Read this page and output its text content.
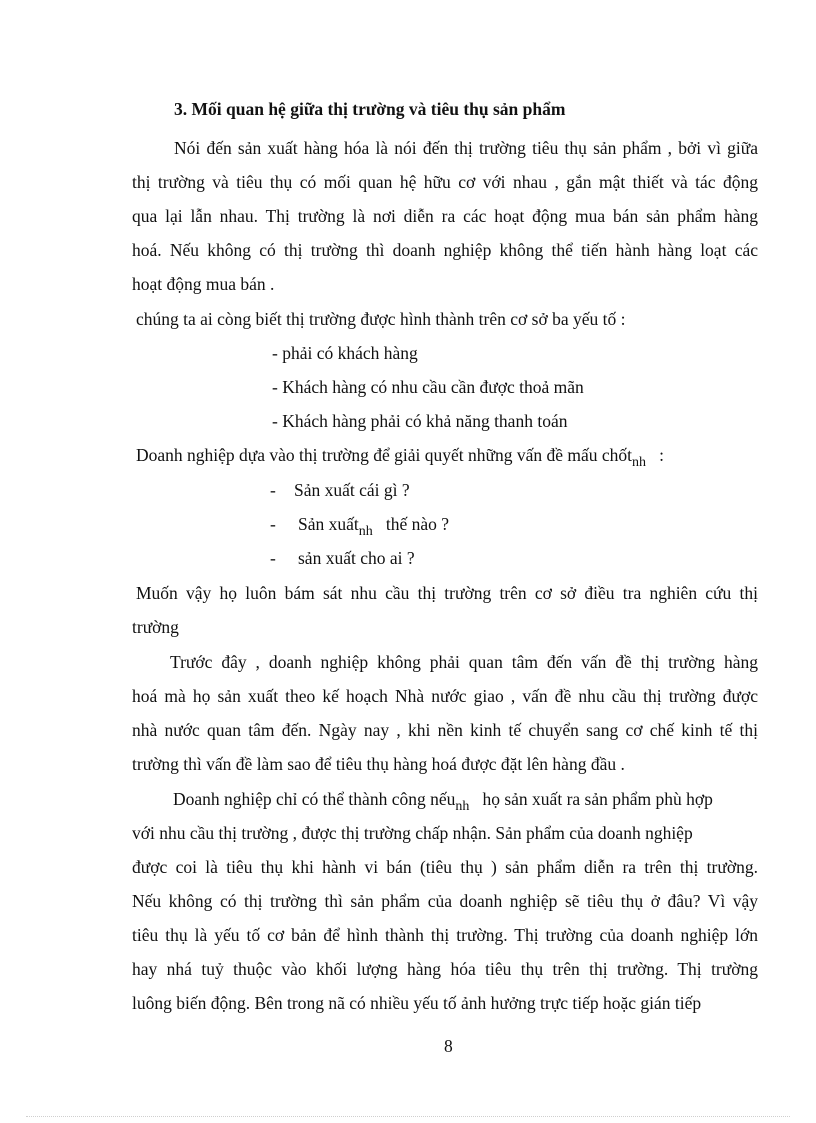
3. Mối quan hệ giữa thị trường và tiêu thụ sản phẩm
Nói đến sản xuất hàng hóa là nói đến thị trường tiêu thụ sản phẩm , bởi vì giữa
thị trường và tiêu thụ có mối quan hệ hữu cơ với nhau , gắn mật thiết và tác động
qua lại lẫn nhau. Thị trường là nơi diễn ra các hoạt động mua bán sản phẩm hàng
hoá. Nếu không có thị trường thì doanh nghiệp không thể tiến hành hàng loạt các
hoạt động mua bán .
chúng ta ai còng biết thị trường được hình thành trên cơ sở ba yếu tố :
- phải có khách hàng
- Khách hàng có nhu cầu cần được thoả mãn
- Khách hàng phải có khả năng thanh toán
Doanh nghiệp dựa vào thị trường để giải quyết những vấn đề mấu chốt$_{nh}$ :
- Sản xuất cái gì ?
- Sản xuất$_{nh}$ thế nào ?
- sản xuất cho ai ?
Muốn vậy họ luôn bám sát nhu cầu thị trường trên cơ sở điều tra nghiên cứu thị
trường
Trước đây , doanh nghiệp không phải quan tâm đến vấn đề thị trường hàng
hoá mà họ sản xuất theo kế hoạch Nhà nước giao , vấn đề nhu cầu thị trường được
nhà nước quan tâm đến. Ngày nay , khi nền kinh tế chuyển sang cơ chế kinh tế thị
trường thì vấn đề làm sao để tiêu thụ hàng hoá được đặt lên hàng đầu .
Doanh nghiệp chỉ có thể thành công nếu$_{nh}$ họ sản xuất ra sản phẩm phù hợp
với nhu cầu thị trường , được thị trường chấp nhận. Sản phẩm của doanh nghiệp
được coi là tiêu thụ khi hành vi bán (tiêu thụ ) sản phẩm diễn ra trên thị trường.
Nếu không có thị trường thì sản phẩm của doanh nghiệp sẽ tiêu thụ ở đâu? Vì vậy
tiêu thụ là yếu tố cơ bản để hình thành thị trường. Thị trường của doanh nghiệp lớn
hay nhá tuỷ thuộc vào khối lượng hàng hóa tiêu thụ trên thị trường. Thị trường
luông biến động. Bên trong nã có nhiều yếu tố ảnh hưởng trực tiếp hoặc gián tiếp
8
